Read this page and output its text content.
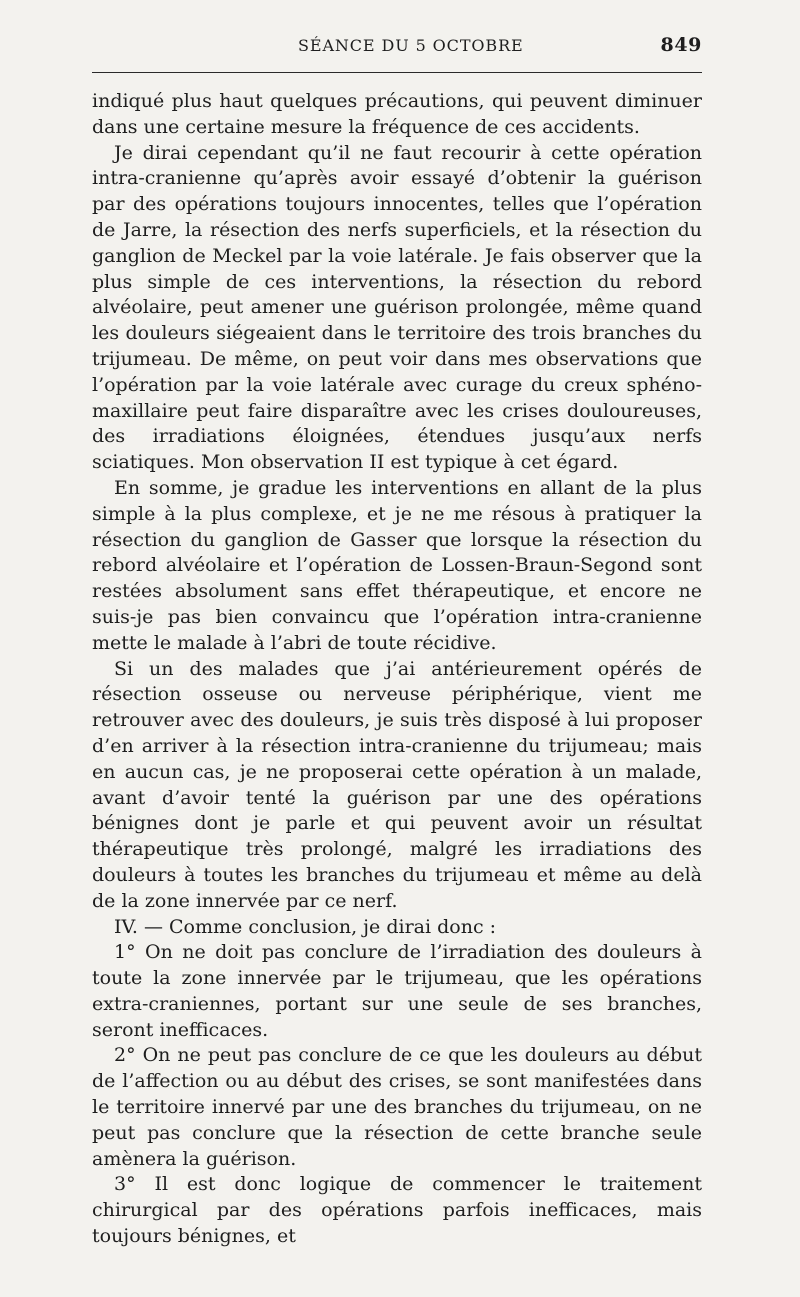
SÉANCE DU 5 OCTOBRE	849

indiqué plus haut quelques précautions, qui peuvent diminuer dans une certaine mesure la fréquence de ces accidents.

Je dirai cependant qu’il ne faut recourir à cette opération intra-cranienne qu’après avoir essayé d’obtenir la guérison par des opérations toujours innocentes, telles que l’opération de Jarre, la résection des nerfs superficiels, et la résection du ganglion de Meckel par la voie latérale. Je fais observer que la plus simple de ces interventions, la résection du rebord alvéolaire, peut amener une guérison prolongée, même quand les douleurs siégeaient dans le territoire des trois branches du trijumeau. De même, on peut voir dans mes observations que l’opération par la voie latérale avec curage du creux sphéno-maxillaire peut faire disparaître avec les crises douloureuses, des irradiations éloignées, étendues jusqu’aux nerfs sciatiques. Mon observation II est typique à cet égard.

En somme, je gradue les interventions en allant de la plus simple à la plus complexe, et je ne me résous à pratiquer la résection du ganglion de Gasser que lorsque la résection du rebord alvéolaire et l’opération de Lossen-Braun-Segond sont restées absolument sans effet thérapeutique, et encore ne suis-je pas bien convaincu que l’opération intra-cranienne mette le malade à l’abri de toute récidive.

Si un des malades que j’ai antérieurement opérés de résection osseuse ou nerveuse périphérique, vient me retrouver avec des douleurs, je suis très disposé à lui proposer d’en arriver à la résection intra-cranienne du trijumeau; mais en aucun cas, je ne proposerai cette opération à un malade, avant d’avoir tenté la guérison par une des opérations bénignes dont je parle et qui peuvent avoir un résultat thérapeutique très prolongé, malgré les irradiations des douleurs à toutes les branches du trijumeau et même au delà de la zone innervée par ce nerf.

IV. — Comme conclusion, je dirai donc :

1° On ne doit pas conclure de l’irradiation des douleurs à toute la zone innervée par le trijumeau, que les opérations extra-craniennes, portant sur une seule de ses branches, seront inefficaces.

2° On ne peut pas conclure de ce que les douleurs au début de l’affection ou au début des crises, se sont manifestées dans le territoire innervé par une des branches du trijumeau, on ne peut pas conclure que la résection de cette branche seule amènera la guérison.

3° Il est donc logique de commencer le traitement chirurgical par des opérations parfois inefficaces, mais toujours bénignes, et
